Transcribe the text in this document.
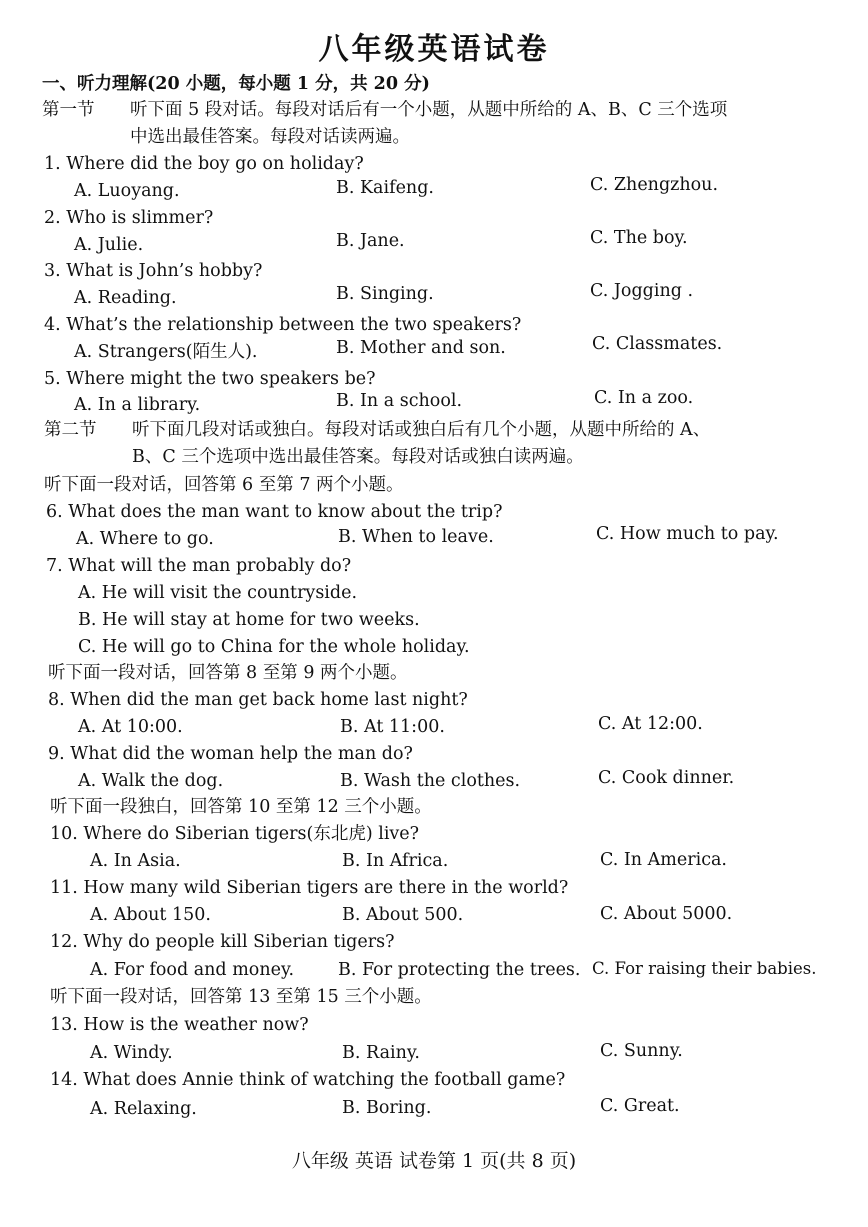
八年级英语试卷
一、听力理解(20 小题，每小题 1 分，共 20 分)
第一节 听下面 5 段对话。每段对话后有一个小题，从题中所给的 A、B、C 三个选项
中选出最佳答案。每段对话读两遍。
1. Where did the boy go on holiday?
A. Luoyang.	B. Kaifeng.	C. Zhengzhou.
2. Who is slimmer?
A. Julie.	B. Jane.	C. The boy.
3. What is John’s hobby?
A. Reading.	B. Singing.	C. Jogging .
4. What’s the relationship between the two speakers?
A. Strangers(陌生人).	B. Mother and son.	C. Classmates.
5. Where might the two speakers be?
A. In a library.	B. In a school.	C. In a zoo.
第二节 听下面几段对话或独白。每段对话或独白后有几个小题，从题中所给的 A、
B、C 三个选项中选出最佳答案。每段对话或独白读两遍。
听下面一段对话，回答第 6 至第 7 两个小题。
6. What does the man want to know about the trip?
A. Where to go.	B. When to leave.	C. How much to pay.
7. What will the man probably do?
A. He will visit the countryside.
B. He will stay at home for two weeks.
C. He will go to China for the whole holiday.
听下面一段对话，回答第 8 至第 9 两个小题。
8. When did the man get back home last night?
A. At 10:00.	B. At 11:00.	C. At 12:00.
9. What did the woman help the man do?
A. Walk the dog.	B. Wash the clothes.	C. Cook dinner.
听下面一段独白，回答第 10 至第 12 三个小题。
10. Where do Siberian tigers(东北虎) live?
A. In Asia.	B. In Africa.	C. In America.
11. How many wild Siberian tigers are there in the world?
A. About 150.	B. About 500.	C. About 5000.
12. Why do people kill Siberian tigers?
A. For food and money.	B. For protecting the trees. C. For raising their babies.
听下面一段对话，回答第 13 至第 15 三个小题。
13. How is the weather now?
A. Windy.	B. Rainy.	C. Sunny.
14. What does Annie think of watching the football game?
A. Relaxing.	B. Boring.	C. Great.
八年级 英语 试卷第 1 页(共 8 页)
